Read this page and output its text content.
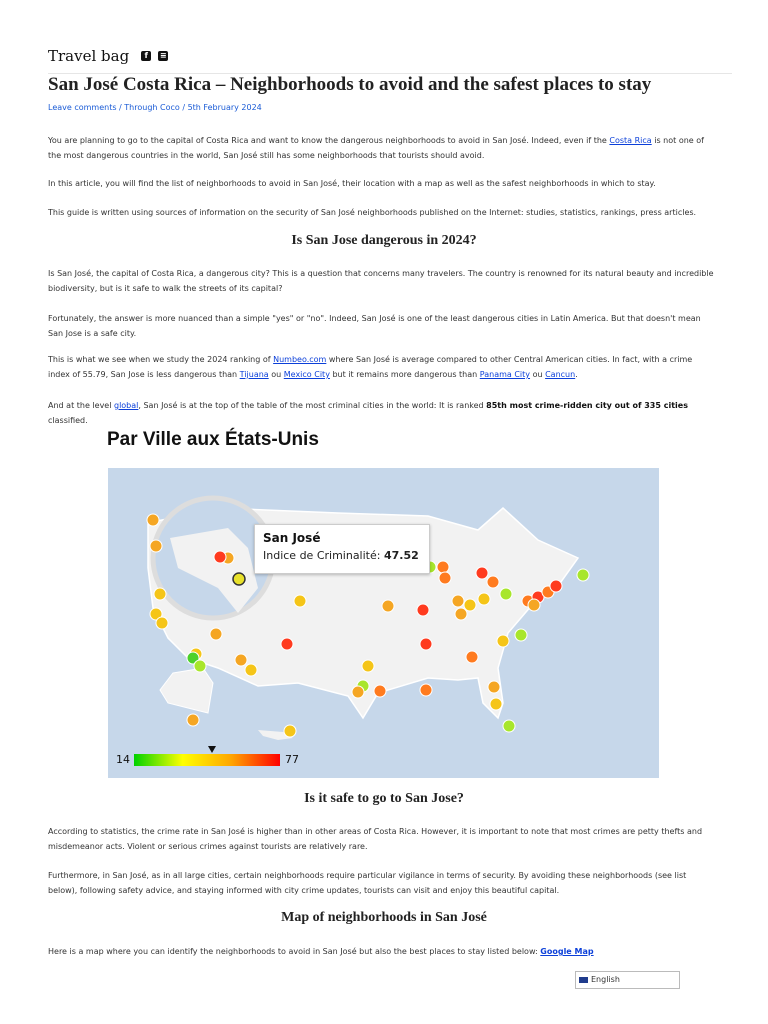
Travel bag	f	≡
San José Costa Rica – Neighborhoods to avoid and the safest places to stay
Leave comments / Through Coco / 5th February 2024

You are planning to go to the capital of Costa Rica and want to know the dangerous neighborhoods to avoid in San José. Indeed, even if the Costa Rica is not one of the most dangerous countries in the world, San José still has some neighborhoods that tourists should avoid.

In this article, you will find the list of neighborhoods to avoid in San José, their location with a map as well as the safest neighborhoods in which to stay.

This guide is written using sources of information on the security of San José neighborhoods published on the Internet: studies, statistics, rankings, press articles.

Is San Jose dangerous in 2024?

Is San José, the capital of Costa Rica, a dangerous city? This is a question that concerns many travelers. The country is renowned for its natural beauty and incredible biodiversity, but is it safe to walk the streets of its capital?

Fortunately, the answer is more nuanced than a simple "yes" or "no". Indeed, San José is one of the least dangerous cities in Latin America. But that doesn't mean San Jose is a safe city.

This is what we see when we study the 2024 ranking of Numbeo.com where San José is average compared to other Central American cities. In fact, with a crime index of 55.79, San Jose is less dangerous than Tijuana ou Mexico City but it remains more dangerous than Panama City ou Cancun.

And at the level global, San José is at the top of the table of the most criminal cities in the world: It is ranked 85th most crime-ridden city out of 335 cities classified.

Par Ville aux États-Unis
San José
Indice de Criminalité: 47.52
14	77
Is it safe to go to San Jose?

According to statistics, the crime rate in San José is higher than in other areas of Costa Rica. However, it is important to note that most crimes are petty thefts and misdemeanor acts. Violent or serious crimes against tourists are relatively rare.

Furthermore, in San José, as in all large cities, certain neighborhoods require particular vigilance in terms of security. By avoiding these neighborhoods (see list below), following safety advice, and staying informed with city crime updates, tourists can visit and enjoy this beautiful capital.

Map of neighborhoods in San José

Here is a map where you can identify the neighborhoods to avoid in San José but also the best places to stay listed below: Google Map

English
